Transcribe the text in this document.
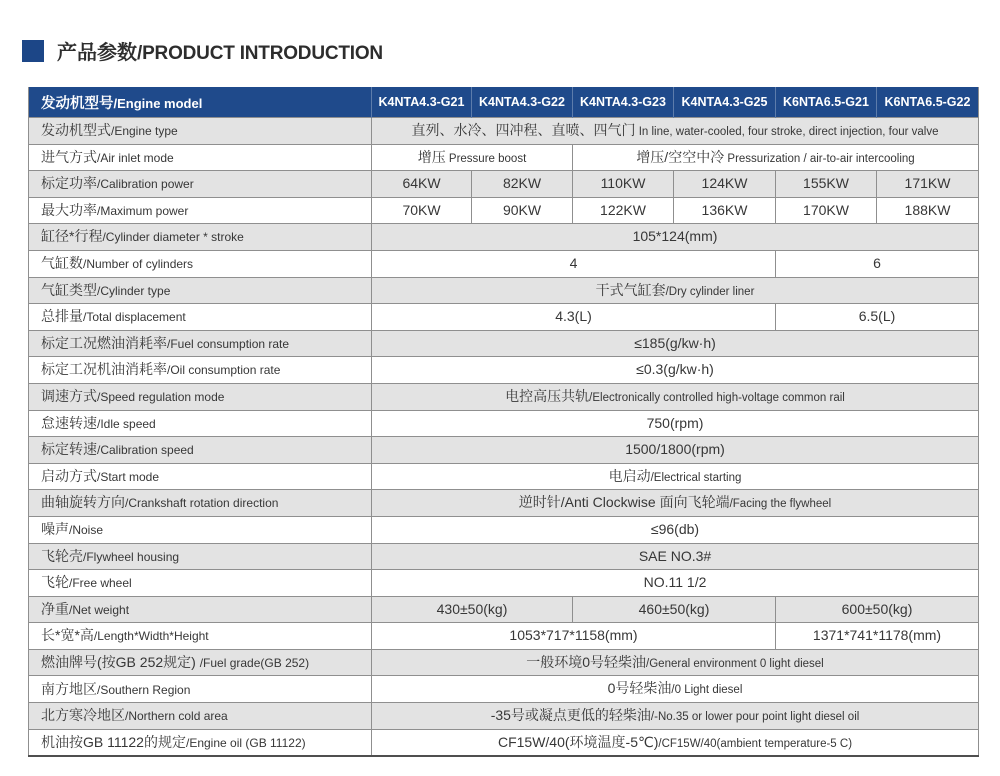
产品参数/PRODUCT INTRODUCTION
发动机型号/Engine model	K4NTA4.3-G21	K4NTA4.3-G22	K4NTA4.3-G23	K4NTA4.3-G25	K6NTA6.5-G21	K6NTA6.5-G22
发动机型式/Engine type	直列、水冷、四冲程、直喷、四气门 In line, water-cooled, four stroke, direct injection, four valve					
进气方式/Air inlet mode	增压 Pressure boost		增压/空空中冷 Pressurization / air-to-air intercooling			
标定功率/Calibration power	64KW	82KW	110KW	124KW	155KW	171KW
最大功率/Maximum power	70KW	90KW	122KW	136KW	170KW	188KW
缸径*行程/Cylinder diameter * stroke	105*124(mm)					
气缸数/Number of cylinders	4				6	
气缸类型/Cylinder type	干式气缸套/Dry cylinder liner					
总排量/Total displacement	4.3(L)				6.5(L)	
标定工况燃油消耗率/Fuel consumption rate	≤185(g/kw·h)					
标定工况机油消耗率/Oil consumption rate	≤0.3(g/kw·h)					
调速方式/Speed regulation mode	电控高压共轨/Electronically controlled high-voltage common rail					
怠速转速/Idle speed	750(rpm)					
标定转速/Calibration speed	1500/1800(rpm)					
启动方式/Start mode	电启动/Electrical starting					
曲轴旋转方向/Crankshaft rotation direction	逆时针/Anti Clockwise 面向飞轮端/Facing the flywheel					
噪声/Noise	≤96(db)					
飞轮壳/Flywheel housing	SAE NO.3#					
飞轮/Free wheel	NO.11 1/2					
净重/Net weight	430±50(kg)		460±50(kg)		600±50(kg)	
长*宽*高/Length*Width*Height	1053*717*1158(mm)				1371*741*1178(mm)	
燃油牌号(按GB 252规定) /Fuel grade(GB 252)	一般环境0号轻柴油/General environment 0 light diesel					
南方地区/Southern Region	0号轻柴油/0 Light diesel					
北方寒冷地区/Northern cold area	-35号或凝点更低的轻柴油/-No.35 or lower pour point light diesel oil					
机油按GB 11122的规定/Engine oil (GB 11122)	CF15W/40(环境温度-5℃)/CF15W/40(ambient temperature-5 C)					
